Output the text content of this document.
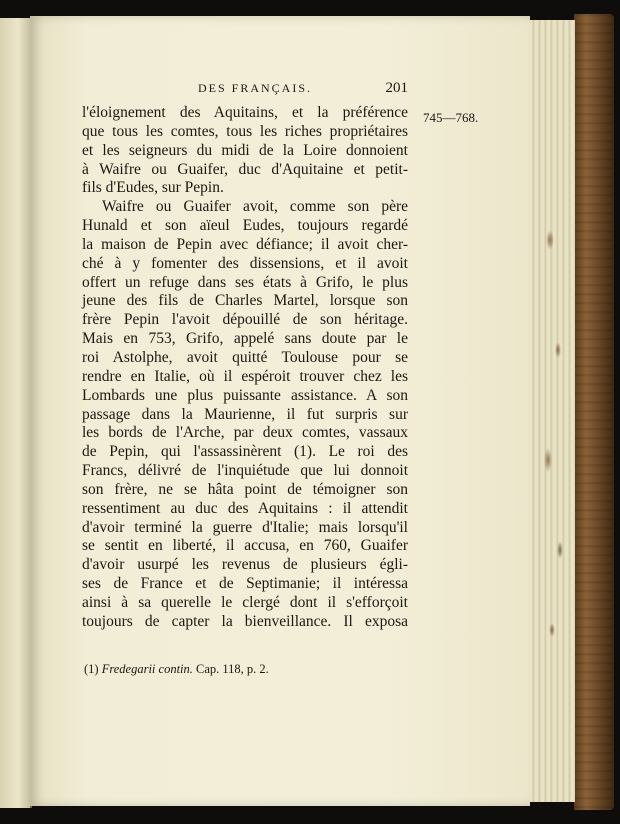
DES FRANÇAIS.	201
745—768.
l'éloignement des Aquitains, et la préférence
que tous les comtes, tous les riches propriétaires
et les seigneurs du midi de la Loire donnoient
à Waifre ou Guaifer, duc d'Aquitaine et petit-
fils d'Eudes, sur Pepin.
Waifre ou Guaifer avoit, comme son père
Hunald et son aïeul Eudes, toujours regardé
la maison de Pepin avec défiance; il avoit cher-
ché à y fomenter des dissensions, et il avoit
offert un refuge dans ses états à Grifo, le plus
jeune des fils de Charles Martel, lorsque son
frère Pepin l'avoit dépouillé de son héritage.
Mais en 753, Grifo, appelé sans doute par le
roi Astolphe, avoit quitté Toulouse pour se
rendre en Italie, où il espéroit trouver chez les
Lombards une plus puissante assistance. A son
passage dans la Maurienne, il fut surpris sur
les bords de l'Arche, par deux comtes, vassaux
de Pepin, qui l'assassinèrent (1). Le roi des
Francs, délivré de l'inquiétude que lui donnoit
son frère, ne se hâta point de témoigner son
ressentiment au duc des Aquitains : il attendit
d'avoir terminé la guerre d'Italie; mais lorsqu'il
se sentit en liberté, il accusa, en 760, Guaifer
d'avoir usurpé les revenus de plusieurs égli-
ses de France et de Septimanie; il intéressa
ainsi à sa querelle le clergé dont il s'efforçoit
toujours de capter la bienveillance. Il exposa
(1) Fredegarii contin. Cap. 118, p. 2.
